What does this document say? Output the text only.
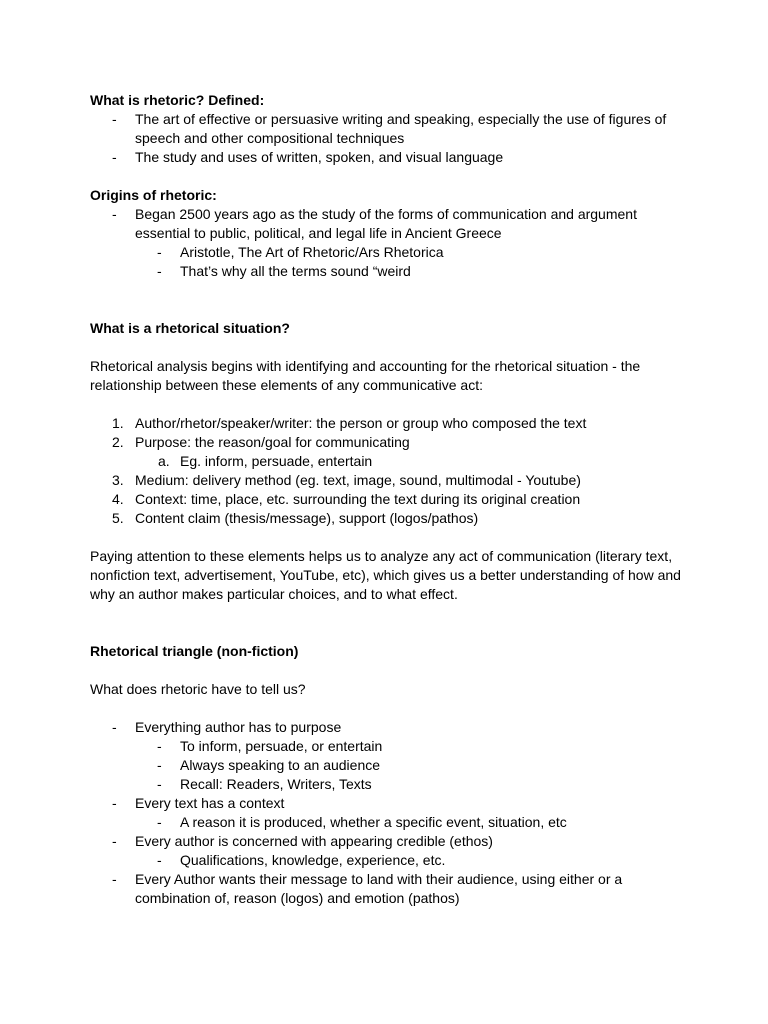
What is rhetoric? Defined:

- The art of effective or persuasive writing and speaking, especially the use of figures of speech and other compositional techniques
- The study and uses of written, spoken, and visual language

Origins of rhetoric:

- Began 2500 years ago as the study of the forms of communication and argument essential to public, political, and legal life in Ancient Greece
- Aristotle, The Art of Rhetoric/Ars Rhetorica
- That’s why all the terms sound “weird

What is a rhetorical situation?

Rhetorical analysis begins with identifying and accounting for the rhetorical situation - the relationship between these elements of any communicative act:

1. Author/rhetor/speaker/writer: the person or group who composed the text
2. Purpose: the reason/goal for communicating
a. Eg. inform, persuade, entertain
3. Medium: delivery method (eg. text, image, sound, multimodal - Youtube)
4. Context: time, place, etc. surrounding the text during its original creation
5. Content claim (thesis/message), support (logos/pathos)

Paying attention to these elements helps us to analyze any act of communication (literary text, nonfiction text, advertisement, YouTube, etc), which gives us a better understanding of how and why an author makes particular choices, and to what effect.

Rhetorical triangle (non-fiction)

What does rhetoric have to tell us?

- Everything author has to purpose
- To inform, persuade, or entertain
- Always speaking to an audience
- Recall: Readers, Writers, Texts
- Every text has a context
- A reason it is produced, whether a specific event, situation, etc
- Every author is concerned with appearing credible (ethos)
- Qualifications, knowledge, experience, etc.
- Every Author wants their message to land with their audience, using either or a combination of, reason (logos) and emotion (pathos)
